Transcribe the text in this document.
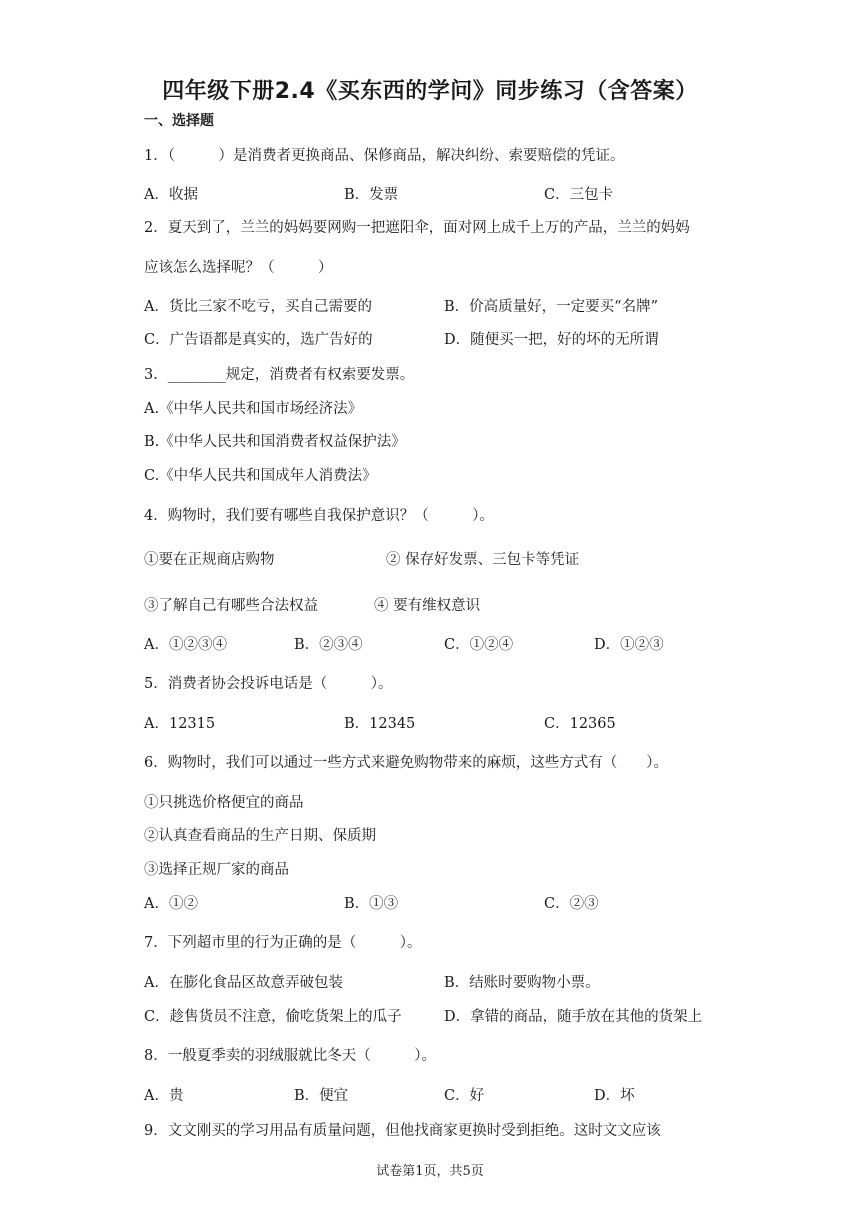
四年级下册2.4《买东西的学问》同步练习（含答案）
一、选择题
1．（　　　）是消费者更换商品、保修商品，解决纠纷、索要赔偿的凭证。
A．收据	B．发票	C．三包卡
2．夏天到了，兰兰的妈妈要网购一把遮阳伞，面对网上成千上万的产品，兰兰的妈妈
应该怎么选择呢？（　　　）
A．货比三家不吃亏，买自己需要的	B．价高质量好，一定要买“名牌”
C．广告语都是真实的，选广告好的	D．随便买一把，好的坏的无所谓
3．________规定，消费者有权索要发票。
A.《中华人民共和国市场经济法》
B.《中华人民共和国消费者权益保护法》
C.《中华人民共和国成年人消费法》
4．购物时，我们要有哪些自我保护意识？（　　　）。
①要在正规商店购物	② 保存好发票、三包卡等凭证
③了解自己有哪些合法权益	④ 要有维权意识
A．①②③④	B．②③④	C．①②④	D．①②③
5．消费者协会投诉电话是（　　　）。
A．12315	B．12345	C．12365
6．购物时，我们可以通过一些方式来避免购物带来的麻烦，这些方式有（　　）。
①只挑选价格便宜的商品
②认真查看商品的生产日期、保质期
③选择正规厂家的商品
A．①②	B．①③	C．②③
7．下列超市里的行为正确的是（　　　）。
A．在膨化食品区故意弄破包装	B．结账时要购物小票。
C．趁售货员不注意，偷吃货架上的瓜子	D．拿错的商品，随手放在其他的货架上
8．一般夏季卖的羽绒服就比冬天（　　　）。
A．贵	B．便宜	C．好	D．坏
9．文文刚买的学习用品有质量问题，但他找商家更换时受到拒绝。这时文文应该
试卷第1页，共5页
